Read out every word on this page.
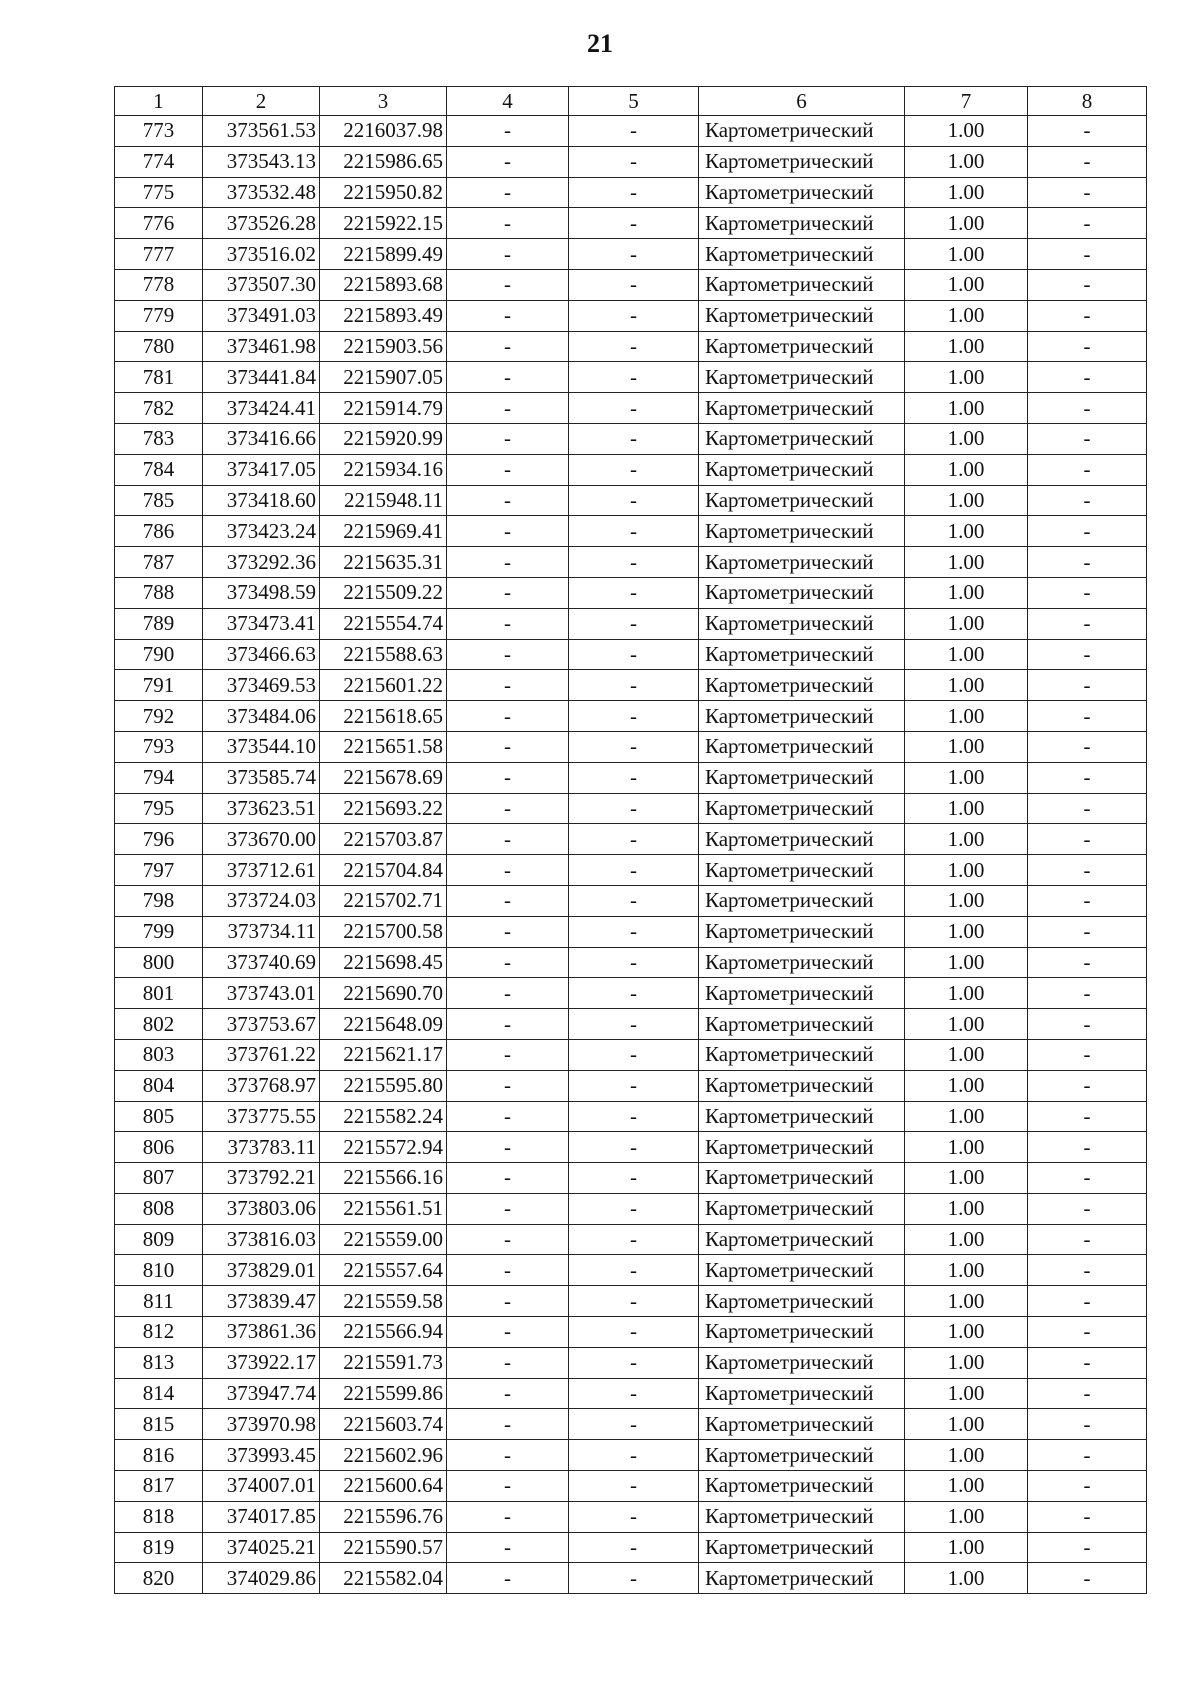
21
1	2	3	4	5	6	7	8
773	373561.53	2216037.98	-	-	Картометрический	1.00	-
774	373543.13	2215986.65	-	-	Картометрический	1.00	-
775	373532.48	2215950.82	-	-	Картометрический	1.00	-
776	373526.28	2215922.15	-	-	Картометрический	1.00	-
777	373516.02	2215899.49	-	-	Картометрический	1.00	-
778	373507.30	2215893.68	-	-	Картометрический	1.00	-
779	373491.03	2215893.49	-	-	Картометрический	1.00	-
780	373461.98	2215903.56	-	-	Картометрический	1.00	-
781	373441.84	2215907.05	-	-	Картометрический	1.00	-
782	373424.41	2215914.79	-	-	Картометрический	1.00	-
783	373416.66	2215920.99	-	-	Картометрический	1.00	-
784	373417.05	2215934.16	-	-	Картометрический	1.00	-
785	373418.60	2215948.11	-	-	Картометрический	1.00	-
786	373423.24	2215969.41	-	-	Картометрический	1.00	-
787	373292.36	2215635.31	-	-	Картометрический	1.00	-
788	373498.59	2215509.22	-	-	Картометрический	1.00	-
789	373473.41	2215554.74	-	-	Картометрический	1.00	-
790	373466.63	2215588.63	-	-	Картометрический	1.00	-
791	373469.53	2215601.22	-	-	Картометрический	1.00	-
792	373484.06	2215618.65	-	-	Картометрический	1.00	-
793	373544.10	2215651.58	-	-	Картометрический	1.00	-
794	373585.74	2215678.69	-	-	Картометрический	1.00	-
795	373623.51	2215693.22	-	-	Картометрический	1.00	-
796	373670.00	2215703.87	-	-	Картометрический	1.00	-
797	373712.61	2215704.84	-	-	Картометрический	1.00	-
798	373724.03	2215702.71	-	-	Картометрический	1.00	-
799	373734.11	2215700.58	-	-	Картометрический	1.00	-
800	373740.69	2215698.45	-	-	Картометрический	1.00	-
801	373743.01	2215690.70	-	-	Картометрический	1.00	-
802	373753.67	2215648.09	-	-	Картометрический	1.00	-
803	373761.22	2215621.17	-	-	Картометрический	1.00	-
804	373768.97	2215595.80	-	-	Картометрический	1.00	-
805	373775.55	2215582.24	-	-	Картометрический	1.00	-
806	373783.11	2215572.94	-	-	Картометрический	1.00	-
807	373792.21	2215566.16	-	-	Картометрический	1.00	-
808	373803.06	2215561.51	-	-	Картометрический	1.00	-
809	373816.03	2215559.00	-	-	Картометрический	1.00	-
810	373829.01	2215557.64	-	-	Картометрический	1.00	-
811	373839.47	2215559.58	-	-	Картометрический	1.00	-
812	373861.36	2215566.94	-	-	Картометрический	1.00	-
813	373922.17	2215591.73	-	-	Картометрический	1.00	-
814	373947.74	2215599.86	-	-	Картометрический	1.00	-
815	373970.98	2215603.74	-	-	Картометрический	1.00	-
816	373993.45	2215602.96	-	-	Картометрический	1.00	-
817	374007.01	2215600.64	-	-	Картометрический	1.00	-
818	374017.85	2215596.76	-	-	Картометрический	1.00	-
819	374025.21	2215590.57	-	-	Картометрический	1.00	-
820	374029.86	2215582.04	-	-	Картометрический	1.00	-
